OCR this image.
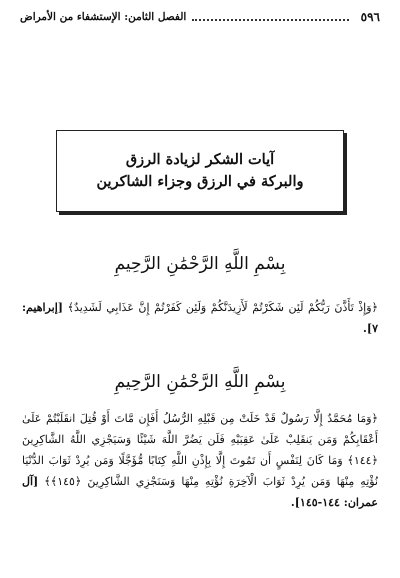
٥٩٦
الفصل الثامن: الإستشفاء من الأمراض
آيات الشكر لزيادة الرزق
والبركة في الرزق وجزاء الشاكرين
بِسْمِ اللَّهِ الرَّحْمَٰنِ الرَّحِيمِ
﴿وَإِذْ تَأَذَّنَ رَبُّكُمْ لَئِن شَكَرْتُمْ لَأَزِيدَنَّكُمْ وَلَئِن كَفَرْتُمْ إِنَّ عَذَابِي لَشَدِيدٌ﴾ [إبراهيم: ٧].
بِسْمِ اللَّهِ الرَّحْمَٰنِ الرَّحِيمِ
﴿وَمَا مُحَمَّدٌ إِلَّا رَسُولٌ قَدْ خَلَتْ مِن قَبْلِهِ الرُّسُلُ أَفَإِن مَّاتَ أَوْ قُتِلَ انقَلَبْتُمْ عَلَىٰ أَعْقَابِكُمْ وَمَن يَنقَلِبْ عَلَىٰ عَقِبَيْهِ فَلَن يَضُرَّ اللَّهَ شَيْئًا وَسَيَجْزِي اللَّهُ الشَّاكِرِينَ ﴿١٤٤﴾ وَمَا كَانَ لِنَفْسٍ أَن تَمُوتَ إِلَّا بِإِذْنِ اللَّهِ كِتَابًا مُّؤَجَّلًا وَمَن يُرِدْ ثَوَابَ الدُّنْيَا نُؤْتِهِ مِنْهَا وَمَن يُرِدْ ثَوَابَ الْآخِرَةِ نُؤْتِهِ مِنْهَا وَسَنَجْزِي الشَّاكِرِينَ ﴿١٤٥﴾﴾ [آل عمران: ١٤٤-١٤٥].
